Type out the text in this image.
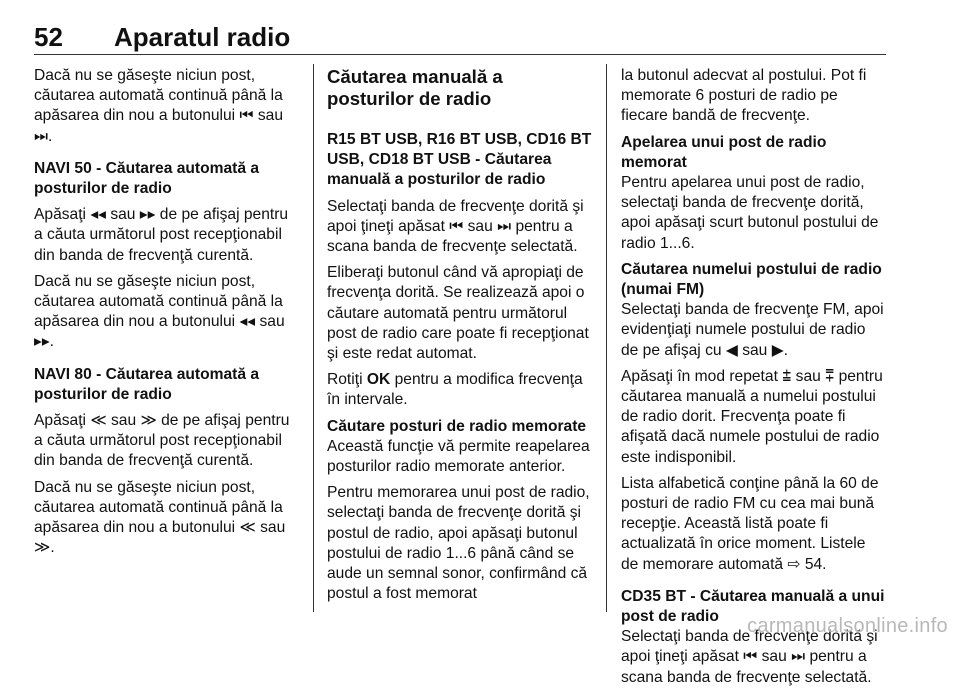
52 Aparatul radio

Dacă nu se găseşte niciun post, căutarea automată continuă până la apăsarea din nou a butonului ⏮ sau ⏭.

NAVI 50 - Căutarea automată a posturilor de radio

Apăsaţi ◂◂ sau ▸▸ de pe afişaj pentru a căuta următorul post recepţionabil din banda de frecvenţă curentă.

Dacă nu se găseşte niciun post, căutarea automată continuă până la apăsarea din nou a butonului ◂◂ sau ▸▸.

NAVI 80 - Căutarea automată a posturilor de radio

Apăsaţi ≪ sau ≫ de pe afişaj pentru a căuta următorul post recepţionabil din banda de frecvenţă curentă.

Dacă nu se găseşte niciun post, căutarea automată continuă până la apăsarea din nou a butonului ≪ sau ≫.

Căutarea manuală a posturilor de radio

R15 BT USB, R16 BT USB, CD16 BT USB, CD18 BT USB - Căutarea manuală a posturilor de radio

Selectaţi banda de frecvenţe dorită şi apoi ţineţi apăsat ⏮ sau ⏭ pentru a scana banda de frecvenţe selectată.

Eliberaţi butonul când vă apropiaţi de frecvenţa dorită. Se realizează apoi o căutare automată pentru următorul post de radio care poate fi recepţionat şi este redat automat.

Rotiţi OK pentru a modifica frecvenţa în intervale.

Căutare posturi de radio memorate

Această funcţie vă permite reapelarea posturilor radio memorate anterior.

Pentru memorarea unui post de radio, selectaţi banda de frecvenţe dorită şi postul de radio, apoi apăsaţi butonul postului de radio 1...6 până când se aude un semnal sonor, confirmând că postul a fost memorat

la butonul adecvat al postului. Pot fi memorate 6 posturi de radio pe fiecare bandă de frecvenţe.

Apelarea unui post de radio memorat

Pentru apelarea unui post de radio, selectaţi banda de frecvenţe dorită, apoi apăsaţi scurt butonul postului de radio 1...6.

Căutarea numelui postului de radio (numai FM)

Selectaţi banda de frecvenţe FM, apoi evidenţiaţi numele postului de radio de pe afişaj cu ◀ sau ▶.

Apăsaţi în mod repetat ⩲ sau ⩱ pentru căutarea manuală a numelui postului de radio dorit. Frecvenţa poate fi afişată dacă numele postului de radio este indisponibil.

Lista alfabetică conţine până la 60 de posturi de radio FM cu cea mai bună recepţie. Această listă poate fi actualizată în orice moment. Listele de memorare automată ⇨ 54.

CD35 BT - Căutarea manuală a unui post de radio

Selectaţi banda de frecvenţe dorită şi apoi ţineţi apăsat ⏮ sau ⏭ pentru a scana banda de frecvenţe selectată.

carmanualsonline.info
